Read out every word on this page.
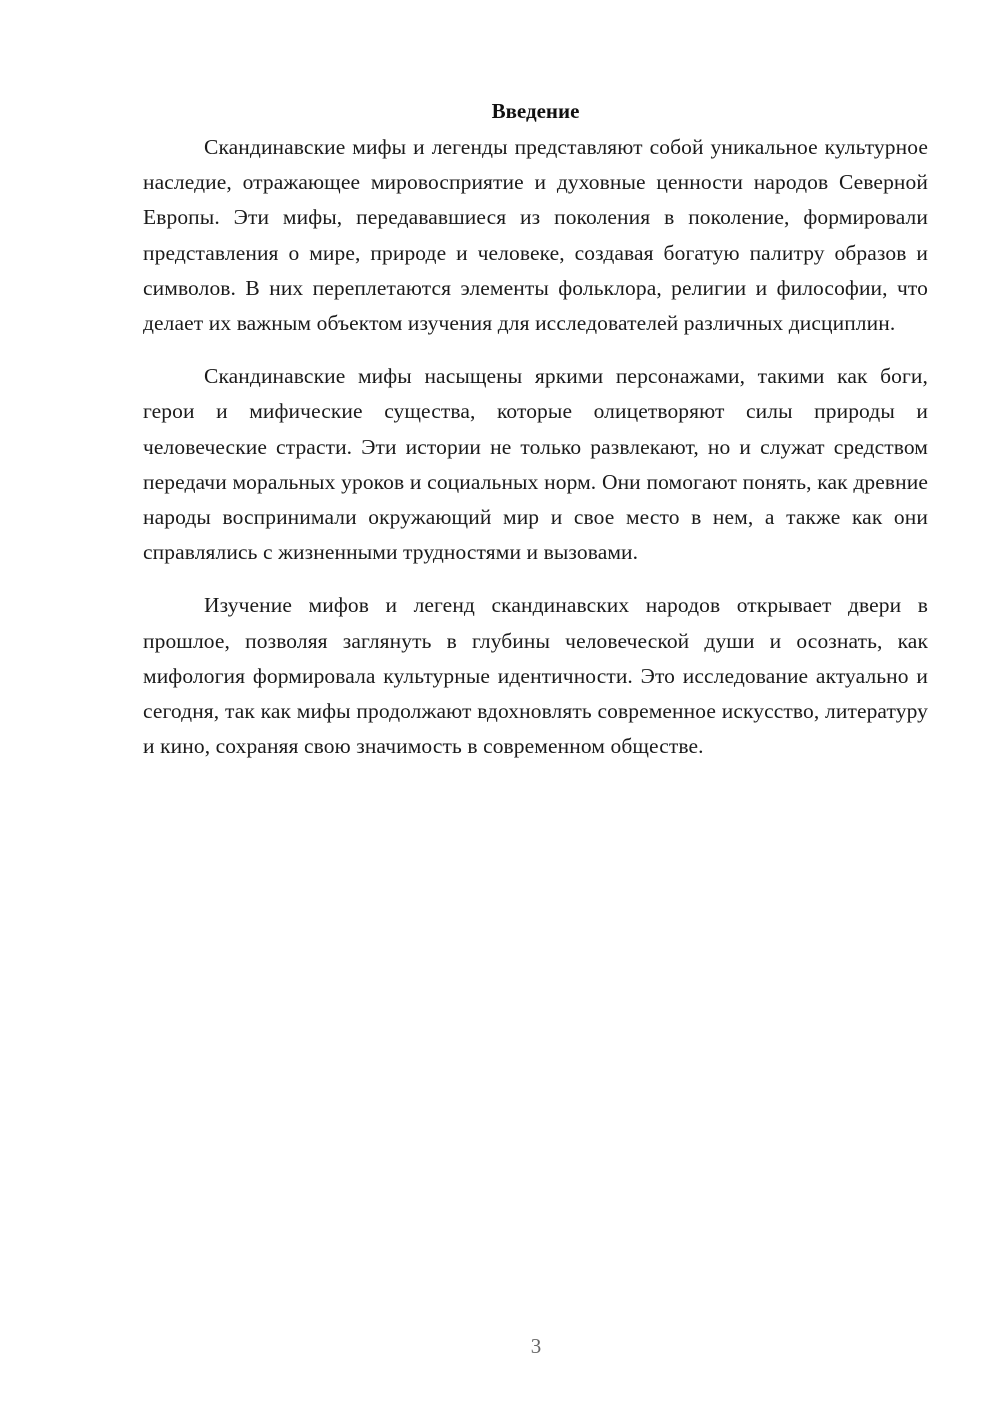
Введение

Скандинавские мифы и легенды представляют собой уникальное культурное наследие, отражающее мировосприятие и духовные ценности народов Северной Европы. Эти мифы, передававшиеся из поколения в поколение, формировали представления о мире, природе и человеке, создавая богатую палитру образов и символов. В них переплетаются элементы фольклора, религии и философии, что делает их важным объектом изучения для исследователей различных дисциплин.

Скандинавские мифы насыщены яркими персонажами, такими как боги, герои и мифические существа, которые олицетворяют силы природы и человеческие страсти. Эти истории не только развлекают, но и служат средством передачи моральных уроков и социальных норм. Они помогают понять, как древние народы воспринимали окружающий мир и свое место в нем, а также как они справлялись с жизненными трудностями и вызовами.

Изучение мифов и легенд скандинавских народов открывает двери в прошлое, позволяя заглянуть в глубины человеческой души и осознать, как мифология формировала культурные идентичности. Это исследование актуально и сегодня, так как мифы продолжают вдохновлять современное искусство, литературу и кино, сохраняя свою значимость в современном обществе.

3
